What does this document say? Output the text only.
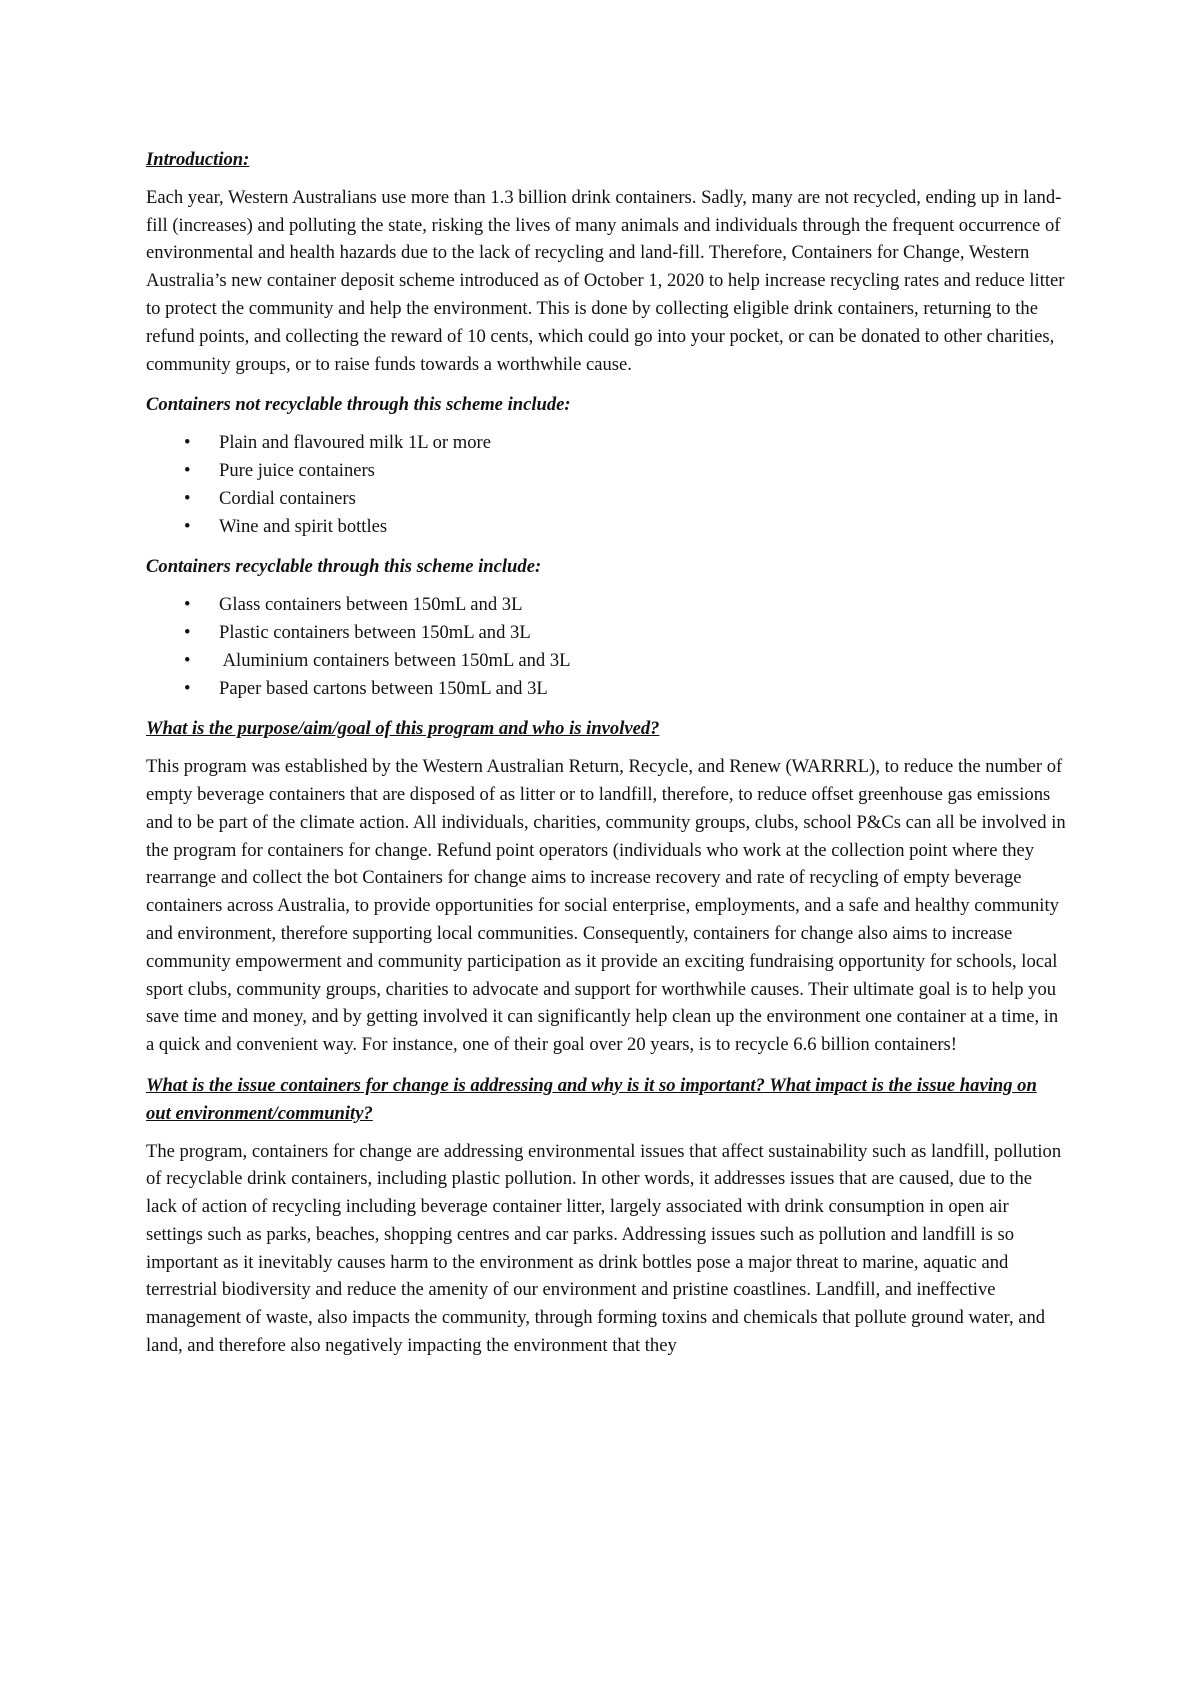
Introduction:

Each year, Western Australians use more than 1.3 billion drink containers. Sadly, many are not recycled, ending up in land-fill (increases) and polluting the state, risking the lives of many animals and individuals through the frequent occurrence of environmental and health hazards due to the lack of recycling and land-fill. Therefore, Containers for Change, Western Australia’s new container deposit scheme introduced as of October 1, 2020 to help increase recycling rates and reduce litter to protect the community and help the environment. This is done by collecting eligible drink containers, returning to the refund points, and collecting the reward of 10 cents, which could go into your pocket, or can be donated to other charities, community groups, or to raise funds towards a worthwhile cause.

Containers not recyclable through this scheme include:

• Plain and flavoured milk 1L or more
• Pure juice containers
• Cordial containers
• Wine and spirit bottles

Containers recyclable through this scheme include:

• Glass containers between 150mL and 3L
• Plastic containers between 150mL and 3L
• Aluminium containers between 150mL and 3L
• Paper based cartons between 150mL and 3L

What is the purpose/aim/goal of this program and who is involved?

This program was established by the Western Australian Return, Recycle, and Renew (WARRRL), to reduce the number of empty beverage containers that are disposed of as litter or to landfill, therefore, to reduce offset greenhouse gas emissions and to be part of the climate action. All individuals, charities, community groups, clubs, school P&Cs can all be involved in the program for containers for change. Refund point operators (individuals who work at the collection point where they rearrange and collect the bot Containers for change aims to increase recovery and rate of recycling of empty beverage containers across Australia, to provide opportunities for social enterprise, employments, and a safe and healthy community and environment, therefore supporting local communities. Consequently, containers for change also aims to increase community empowerment and community participation as it provide an exciting fundraising opportunity for schools, local sport clubs, community groups, charities to advocate and support for worthwhile causes. Their ultimate goal is to help you save time and money, and by getting involved it can significantly help clean up the environment one container at a time, in a quick and convenient way. For instance, one of their goal over 20 years, is to recycle 6.6 billion containers!

What is the issue containers for change is addressing and why is it so important? What impact is the issue having on out environment/community?

The program, containers for change are addressing environmental issues that affect sustainability such as landfill, pollution of recyclable drink containers, including plastic pollution. In other words, it addresses issues that are caused, due to the lack of action of recycling including beverage container litter, largely associated with drink consumption in open air settings such as parks, beaches, shopping centres and car parks. Addressing issues such as pollution and landfill is so important as it inevitably causes harm to the environment as drink bottles pose a major threat to marine, aquatic and terrestrial biodiversity and reduce the amenity of our environment and pristine coastlines. Landfill, and ineffective management of waste, also impacts the community, through forming toxins and chemicals that pollute ground water, and land, and therefore also negatively impacting the environment that they
